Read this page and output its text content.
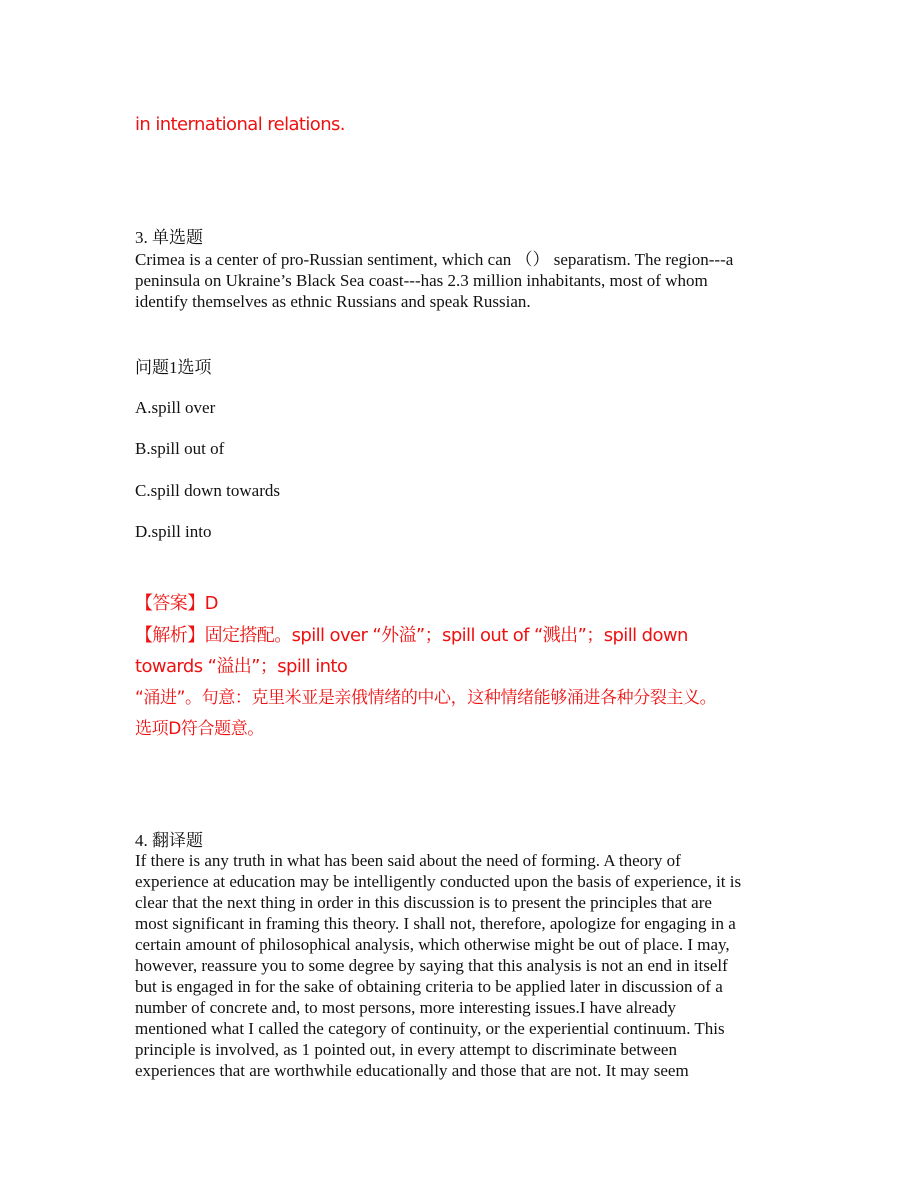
in international relations.
3. 单选题
Crimea is a center of pro-Russian sentiment, which can （） separatism. The region---a
peninsula on Ukraine’s Black Sea coast---has 2.3 million inhabitants, most of whom
identify themselves as ethnic Russians and speak Russian.
问题1选项
A.spill over
B.spill out of
C.spill down towards
D.spill into
【答案】D
【解析】固定搭配。spill over “外溢”；spill out of “溅出”；spill down
towards “溢出”；spill into
“涌进”。句意：克里米亚是亲俄情绪的中心，这种情绪能够涌进各种分裂主义。
选项D符合题意。
4. 翻译题
If there is any truth in what has been said about the need of forming. A theory of
experience at education may be intelligently conducted upon the basis of experience, it is
clear that the next thing in order in this discussion is to present the principles that are
most significant in framing this theory. I shall not, therefore, apologize for engaging in a
certain amount of philosophical analysis, which otherwise might be out of place. I may,
however, reassure you to some degree by saying that this analysis is not an end in itself
but is engaged in for the sake of obtaining criteria to be applied later in discussion of a
number of concrete and, to most persons, more interesting issues.I have already
mentioned what I called the category of continuity, or the experiential continuum. This
principle is involved, as 1 pointed out, in every attempt to discriminate between
experiences that are worthwhile educationally and those that are not. It may seem
